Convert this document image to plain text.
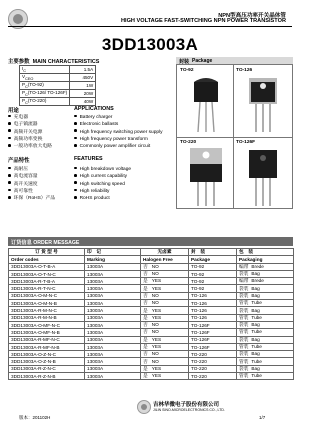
NPN型高压功率开关晶体管
HIGH VOLTAGE FAST-SWITCHING NPN POWER TRANSISTOR
3DD13003A
主要参数 MAIN CHARACTERISTICS
$I_C$	1.5A
$V_{CEO}$	450V
$P_C(TO-92)$	1W
$P_C(TO-126/$ TO-126F)	20W
$P_C(TO-220)$	40W
封装 Package
TO-92	TO-126
TO-220	TO-126F
用途	APPLICATIONS
充电器
电子镇流器
高频开关电源
高频功率变换
一般功率放大电路
Battery charger
Electronic ballasts
High frequency switching power supply
High frequency power transform
Commonly power amplifier circuit
产品特性	FEATURES
高耐压
高电流容量
高开关速度
高可靠性
环保（RoHS）产品
High breakdown voltage
High current capability
High switching speed
High reliability
RoHS product
订货信息 ORDER MESSAGE
订 货 型 号	印　记	无卤素	封　装	包　装
Order codes	Marking	Halogen Free	Package	Packaging
3DD13003A-O-T-B-A	13003A	否 NO	TO-92	编带 Brede
3DD13003A-O-T-N-C	13003A	否 NO	TO-92	袋装 Bag
3DD13003A-R-T-B-A	13003A	是 YES	TO-92	编带 Brede
3DD13003A-R-T-N-C	13003A	是 YES	TO-92	袋装 Bag
3DD13003A-O-M-N-C	13003A	否 NO	TO-126	袋装 Bag
3DD13003A-O-M-N-B	13003A	否 NO	TO-126	管装 Tube
3DD13003A-R-M-N-C	13003A	是 YES	TO-126	袋装 Bag
3DD13003A-R-M-N-B	13003A	是 YES	TO-126	管装 Tube
3DD13003A-O-MF-N-C	13003A	否 NO	TO-126F	袋装 Bag
3DD13003A-O-MF-N-B	13003A	否 NO	TO-126F	管装 Tube
3DD13003A-R-MF-N-C	13003A	是 YES	TO-126F	袋装 Bag
3DD13003A-R-MF-N-B	13003A	是 YES	TO-126F	管装 Tube
3DD13003A-O-Z-N-C	13003A	否 NO	TO-220	袋装 Bag
3DD13003A-O-Z-N-B	13003A	否 NO	TO-220	管装 Tube
3DD13003A-R-Z-N-C	13003A	是 YES	TO-220	袋装 Bag
3DD13003A-R-Z-N-B	13003A	是 YES	TO-220	管装 Tube
吉林华微电子股份有限公司
JILIN SINO-MICROELECTRONICS CO., LTD.
版本：201102H	1/7
